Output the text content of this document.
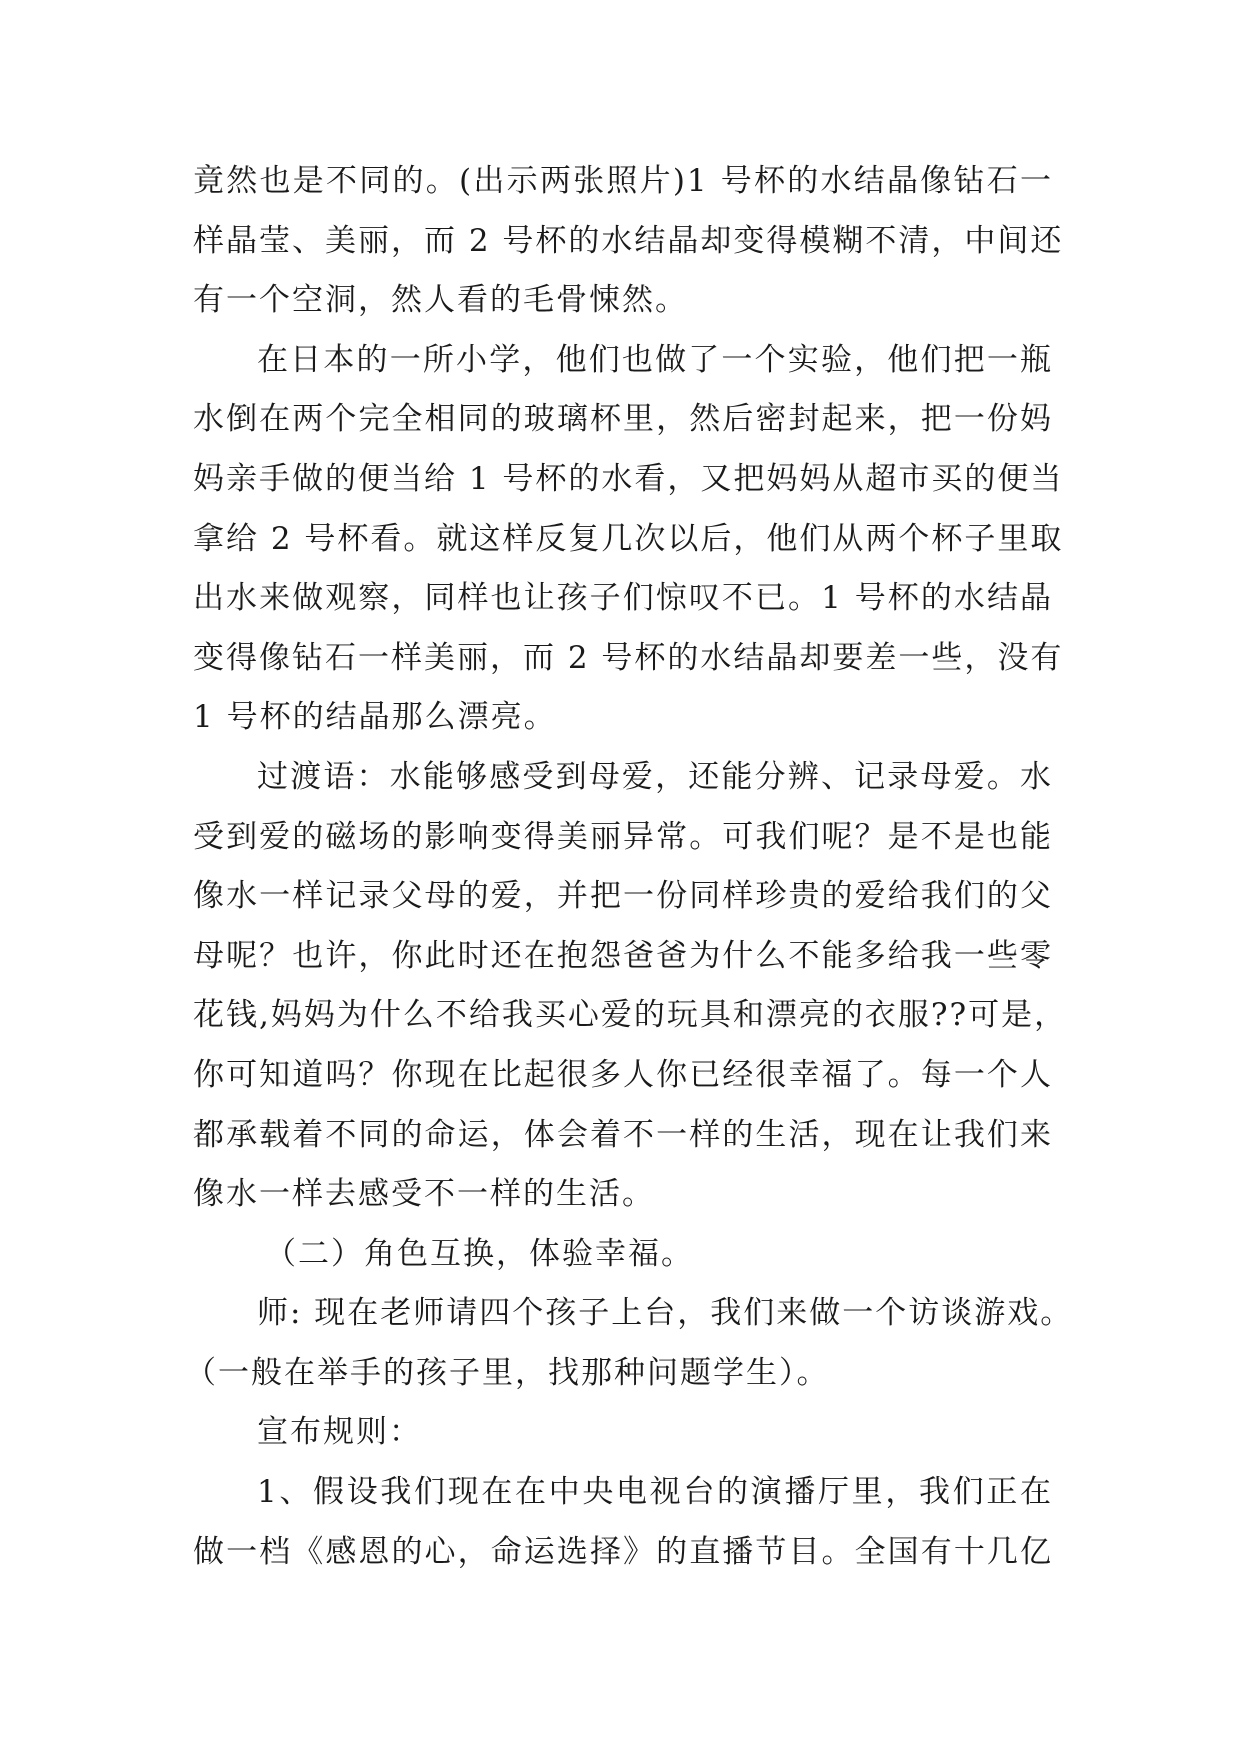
竟然也是不同的。(出示两张照片)1 号杯的水结晶像钻石一
样晶莹、美丽，而 2 号杯的水结晶却变得模糊不清，中间还
有一个空洞，然人看的毛骨悚然。
在日本的一所小学，他们也做了一个实验，他们把一瓶
水倒在两个完全相同的玻璃杯里，然后密封起来，把一份妈
妈亲手做的便当给 1 号杯的水看，又把妈妈从超市买的便当
拿给 2 号杯看。就这样反复几次以后，他们从两个杯子里取
出水来做观察，同样也让孩子们惊叹不已。1 号杯的水结晶
变得像钻石一样美丽，而 2 号杯的水结晶却要差一些，没有
1 号杯的结晶那么漂亮。
过渡语：水能够感受到母爱，还能分辨、记录母爱。水
受到爱的磁场的影响变得美丽异常。可我们呢？是不是也能
像水一样记录父母的爱，并把一份同样珍贵的爱给我们的父
母呢？也许，你此时还在抱怨爸爸为什么不能多给我一些零
花钱,妈妈为什么不给我买心爱的玩具和漂亮的衣服??可是，
你可知道吗？你现在比起很多人你已经很幸福了。每一个人
都承载着不同的命运，体会着不一样的生活，现在让我们来
像水一样去感受不一样的生活。
（二）角色互换，体验幸福。
师: 现在老师请四个孩子上台，我们来做一个访谈游戏。
（一般在举手的孩子里，找那种问题学生）。
宣布规则：
1、假设我们现在在中央电视台的演播厅里，我们正在
做一档《感恩的心，命运选择》的直播节目。全国有十几亿
